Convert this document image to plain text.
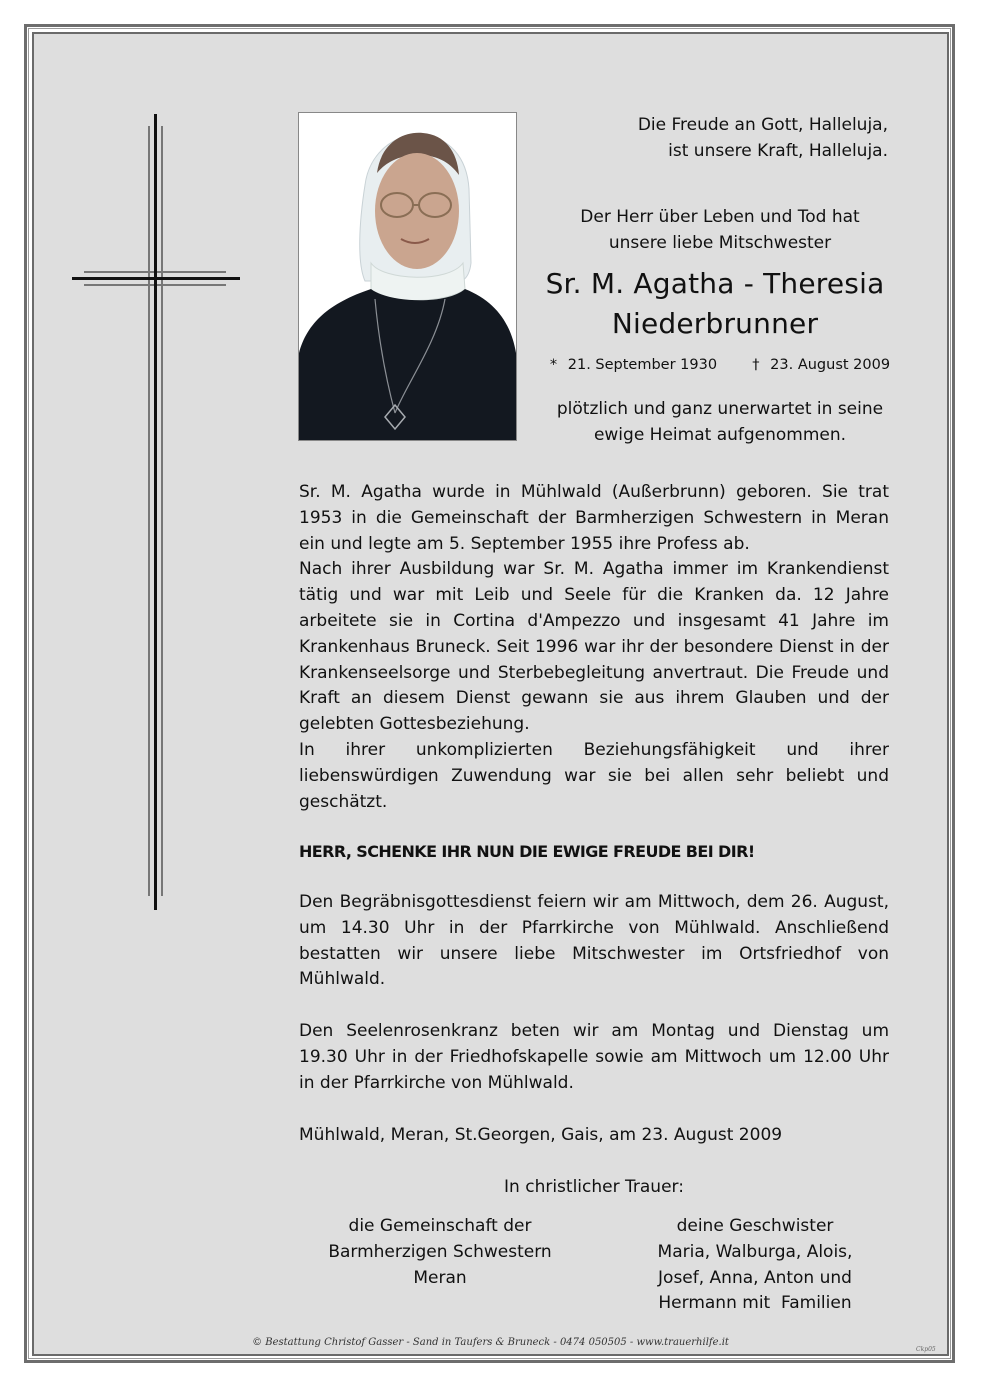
Die Freude an Gott, Halleluja,
ist unsere Kraft, Halleluja.
Der Herr über Leben und Tod hat
unsere liebe Mitschwester
Sr. M. Agatha - Theresia
Niederbrunner
* 21. September 1930 † 23. August 2009
plötzlich und ganz unerwartet in seine
ewige Heimat aufgenommen.
Sr. M. Agatha wurde in Mühlwald (Außerbrunn) geboren. Sie trat
1953 in die Gemeinschaft der Barmherzigen Schwestern in Meran
ein und legte am 5. September 1955 ihre Profess ab.
Nach ihrer Ausbildung war Sr. M. Agatha immer im Krankendienst
tätig und war mit Leib und Seele für die Kranken da. 12 Jahre
arbeitete sie in Cortina d'Ampezzo und insgesamt 41 Jahre im
Krankenhaus Bruneck. Seit 1996 war ihr der besondere Dienst in der
Krankenseelsorge und Sterbebegleitung anvertraut. Die Freude und
Kraft an diesem Dienst gewann sie aus ihrem Glauben und der
gelebten Gottesbeziehung.
In ihrer unkomplizierten Beziehungsfähigkeit und ihrer
liebenswürdigen Zuwendung war sie bei allen sehr beliebt und
geschätzt.
HERR, SCHENKE IHR NUN DIE EWIGE FREUDE BEI DIR!
Den Begräbnisgottesdienst feiern wir am Mittwoch, dem 26. August,
um 14.30 Uhr in der Pfarrkirche von Mühlwald. Anschließend
bestatten wir unsere liebe Mitschwester im Ortsfriedhof von
Mühlwald.
Den Seelenrosenkranz beten wir am Montag und Dienstag um
19.30 Uhr in der Friedhofskapelle sowie am Mittwoch um 12.00 Uhr
in der Pfarrkirche von Mühlwald.
Mühlwald, Meran, St.Georgen, Gais, am 23. August 2009
In christlicher Trauer:
die Gemeinschaft der
Barmherzigen Schwestern
Meran
deine Geschwister
Maria, Walburga, Alois,
Josef, Anna, Anton und
Hermann mit  Familien
© Bestattung Christof Gasser - Sand in Taufers & Bruneck - 0474 050505 - www.trauerhilfe.it
Ckp05
